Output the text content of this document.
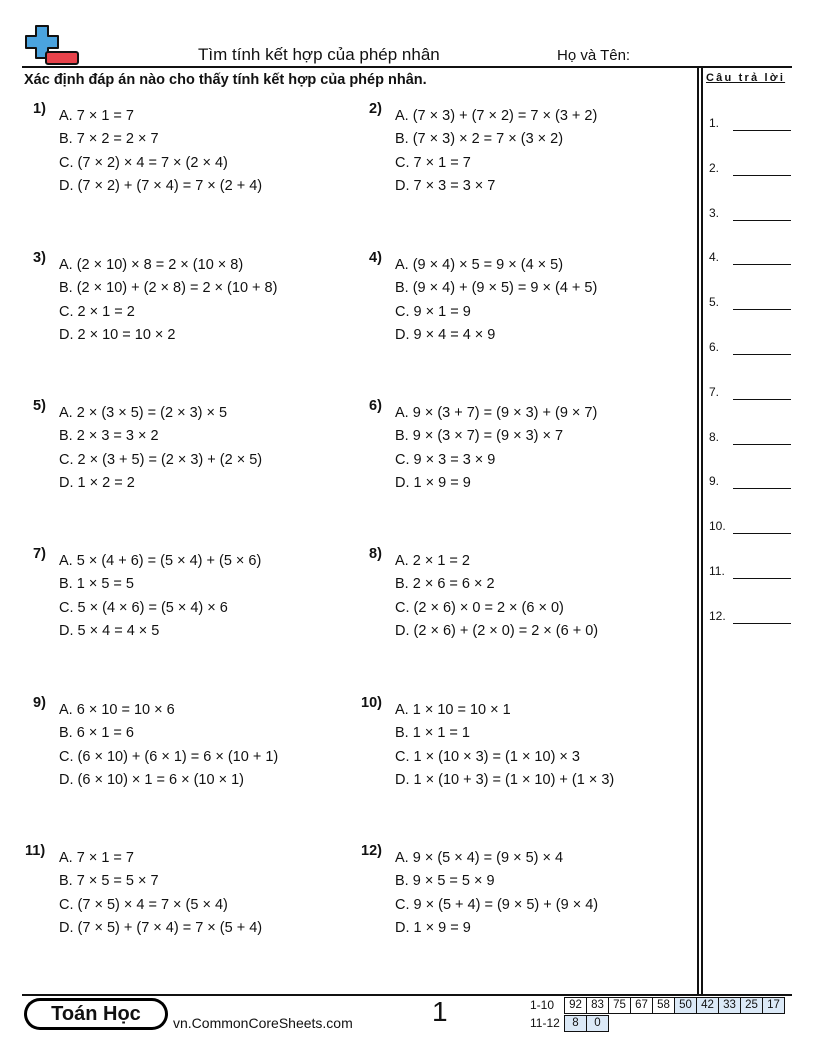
Tìm tính kết hợp của phép nhân	Họ và Tên:
Xác định đáp án nào cho thấy tính kết hợp của phép nhân.	Câu trả lời
1.
2.
3.
4.
5.
6.
7.
8.
9.
10.
11.
12.
1) A. 7 × 1 = 7
B. 7 × 2 = 2 × 7
C. (7 × 2) × 4 = 7 × (2 × 4)
D. (7 × 2) + (7 × 4) = 7 × (2 + 4)
2) A. (7 × 3) + (7 × 2) = 7 × (3 + 2)
B. (7 × 3) × 2 = 7 × (3 × 2)
C. 7 × 1 = 7
D. 7 × 3 = 3 × 7
3) A. (2 × 10) × 8 = 2 × (10 × 8)
B. (2 × 10) + (2 × 8) = 2 × (10 + 8)
C. 2 × 1 = 2
D. 2 × 10 = 10 × 2
4) A. (9 × 4) × 5 = 9 × (4 × 5)
B. (9 × 4) + (9 × 5) = 9 × (4 + 5)
C. 9 × 1 = 9
D. 9 × 4 = 4 × 9
5) A. 2 × (3 × 5) = (2 × 3) × 5
B. 2 × 3 = 3 × 2
C. 2 × (3 + 5) = (2 × 3) + (2 × 5)
D. 1 × 2 = 2
6) A. 9 × (3 + 7) = (9 × 3) + (9 × 7)
B. 9 × (3 × 7) = (9 × 3) × 7
C. 9 × 3 = 3 × 9
D. 1 × 9 = 9
7) A. 5 × (4 + 6) = (5 × 4) + (5 × 6)
B. 1 × 5 = 5
C. 5 × (4 × 6) = (5 × 4) × 6
D. 5 × 4 = 4 × 5
8) A. 2 × 1 = 2
B. 2 × 6 = 6 × 2
C. (2 × 6) × 0 = 2 × (6 × 0)
D. (2 × 6) + (2 × 0) = 2 × (6 + 0)
9) A. 6 × 10 = 10 × 6
B. 6 × 1 = 6
C. (6 × 10) + (6 × 1) = 6 × (10 + 1)
D. (6 × 10) × 1 = 6 × (10 × 1)
10) A. 1 × 10 = 10 × 1
B. 1 × 1 = 1
C. 1 × (10 × 3) = (1 × 10) × 3
D. 1 × (10 + 3) = (1 × 10) + (1 × 3)
11) A. 7 × 1 = 7
B. 7 × 5 = 5 × 7
C. (7 × 5) × 4 = 7 × (5 × 4)
D. (7 × 5) + (7 × 4) = 7 × (5 + 4)
12) A. 9 × (5 × 4) = (9 × 5) × 4
B. 9 × 5 = 5 × 9
C. 9 × (5 + 4) = (9 × 5) + (9 × 4)
D. 1 × 9 = 9
Toán Học	vn.CommonCoreSheets.com	1	1-10	92 83 75 67 58 50 42 33 25 17
11-12	8	0
